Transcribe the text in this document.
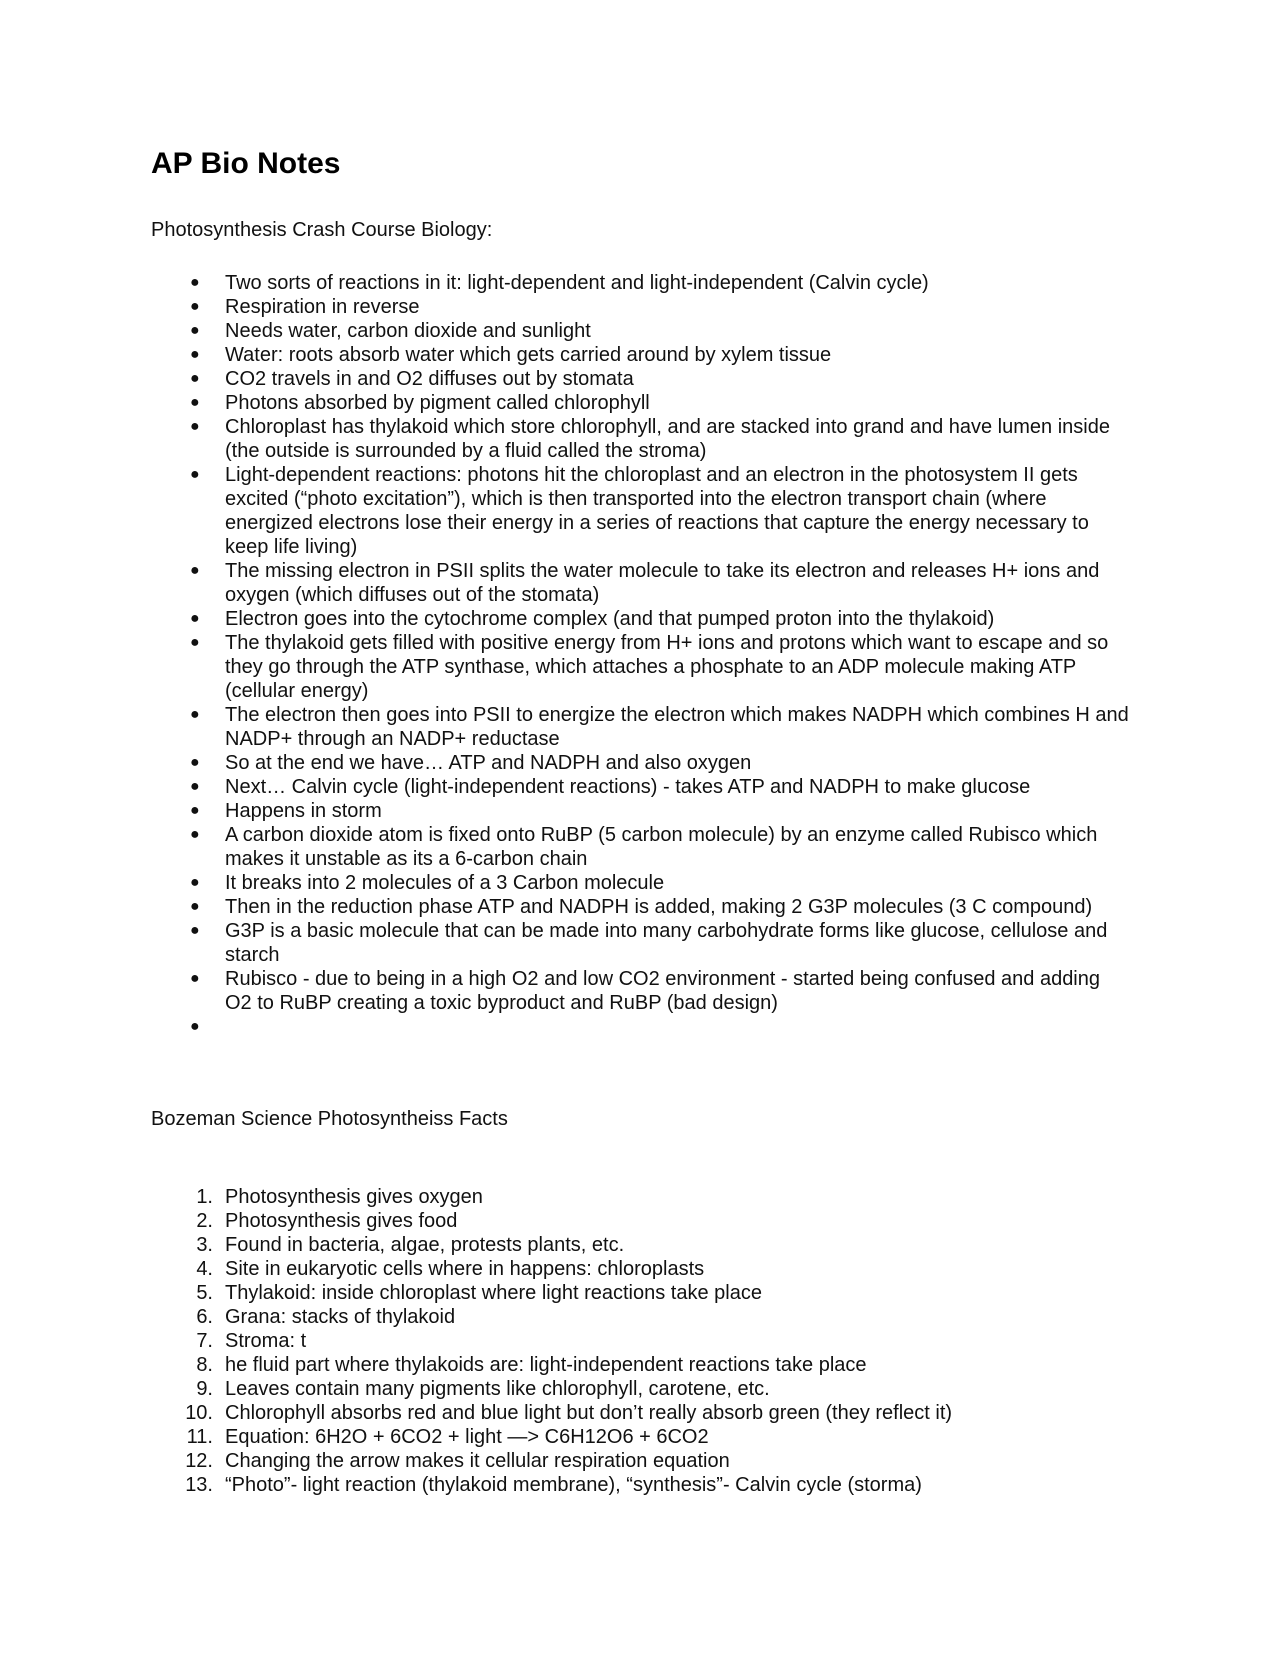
AP Bio Notes

Photosynthesis Crash Course Biology:

●	Two sorts of reactions in it: light-dependent and light-independent (Calvin cycle)
●	Respiration in reverse
●	Needs water, carbon dioxide and sunlight
●	Water: roots absorb water which gets carried around by xylem tissue
●	CO2 travels in and O2 diffuses out by stomata
●	Photons absorbed by pigment called chlorophyll
●	Chloroplast has thylakoid which store chlorophyll, and are stacked into grand and have lumen inside (the outside is surrounded by a fluid called the stroma)
●	Light-dependent reactions: photons hit the chloroplast and an electron in the photosystem II gets excited (“photo excitation”), which is then transported into the electron transport chain (where energized electrons lose their energy in a series of reactions that capture the energy necessary to keep life living)
●	The missing electron in PSII splits the water molecule to take its electron and releases H+ ions and oxygen (which diffuses out of the stomata)
●	Electron goes into the cytochrome complex (and that pumped proton into the thylakoid)
●	The thylakoid gets filled with positive energy from H+ ions and protons which want to escape and so they go through the ATP synthase, which attaches a phosphate to an ADP molecule making ATP (cellular energy)
●	The electron then goes into PSII to energize the electron which makes NADPH which combines H and NADP+ through an NADP+ reductase
●	So at the end we have… ATP and NADPH and also oxygen
●	Next… Calvin cycle (light-independent reactions) - takes ATP and NADPH to make glucose
●	Happens in storm
●	A carbon dioxide atom is fixed onto RuBP (5 carbon molecule) by an enzyme called Rubisco which makes it unstable as its a 6-carbon chain
●	It breaks into 2 molecules of a 3 Carbon molecule
●	Then in the reduction phase ATP and NADPH is added, making 2 G3P molecules (3 C compound)
●	G3P is a basic molecule that can be made into many carbohydrate forms like glucose, cellulose and starch
●	Rubisco - due to being in a high O2 and low CO2 environment - started being confused and adding O2 to RuBP creating a toxic byproduct and RuBP (bad design)
●

Bozeman Science Photosyntheiss Facts

1. Photosynthesis gives oxygen
2. Photosynthesis gives food
3. Found in bacteria, algae, protests plants, etc.
4. Site in eukaryotic cells where in happens: chloroplasts
5. Thylakoid: inside chloroplast where light reactions take place
6. Grana: stacks of thylakoid
7. Stroma: t
8. he fluid part where thylakoids are: light-independent reactions take place
9. Leaves contain many pigments like chlorophyll, carotene, etc.
10. Chlorophyll absorbs red and blue light but don’t really absorb green (they reflect it)
11. Equation: 6H2O + 6CO2 + light —> C6H12O6 + 6CO2
12. Changing the arrow makes it cellular respiration equation
13. “Photo”- light reaction (thylakoid membrane), “synthesis”- Calvin cycle (storma)
